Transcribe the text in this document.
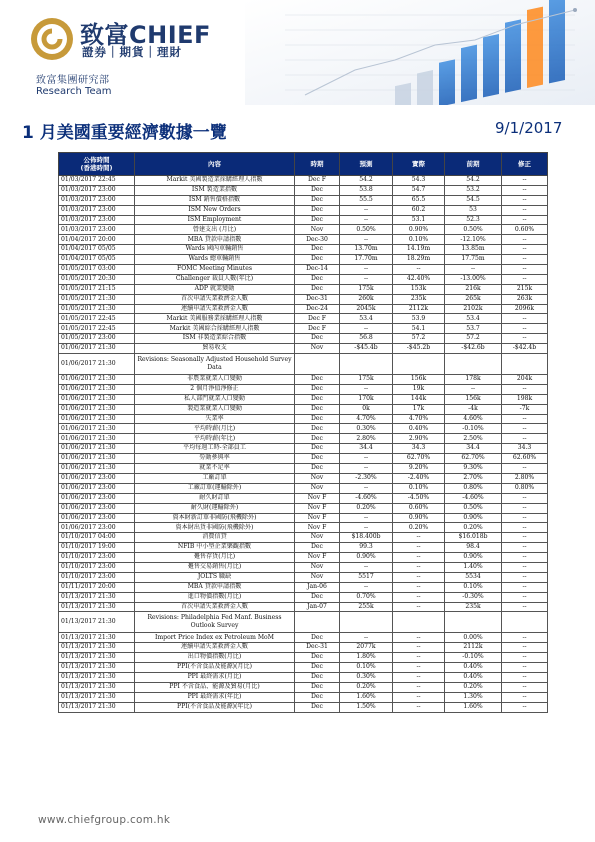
致富CHIEF
證券｜期貨｜理財
致富集團研究部
Research Team
1 月美國重要經濟數據一覽	9/1/2017
公佈時間
(香港時間)	內容	時期	預測	實際	前期	修正
01/03/2017 22:45	Markit 美國製造業採購經理人指數	Dec F	54.2	54.3	54.2	--
01/03/2017 23:00	ISM 製造業指數	Dec	53.8	54.7	53.2	--
01/03/2017 23:00	ISM 銷售價格指數	Dec	55.5	65.5	54.5	--
01/03/2017 23:00	ISM New Orders	Dec	--	60.2	53	--
01/03/2017 23:00	ISM Employment	Dec	--	53.1	52.3	--
01/03/2017 23:00	營建支出 (月比)	Nov	0.50%	0.90%	0.50%	0.60%
01/04/2017 20:00	MBA 貸款申請指數	Dec-30	--	0.10%	-12.10%	--
01/04/2017 05/05	Wards 國內車輛銷售	Dec	13.70m	14.19m	13.85m	--
01/04/2017 05/05	Wards 總車輛銷售	Dec	17.70m	18.29m	17.75m	--
01/05/2017 03:00	FOMC Meeting Minutes	Dec-14	--	--	--	--
01/05/2017 20:30	Challenger 裁員人數(年比)	Dec	--	42.40%	-13.00%	--
01/05/2017 21:15	ADP 就業變動	Dec	175k	153k	216k	215k
01/05/2017 21:30	首次申請失業救濟金人數	Dec-31	260k	235k	265k	263k
01/05/2017 21:30	連續申請失業救濟金人數	Dec-24	2045k	2112k	2102k	2096k
01/05/2017 22:45	Markit 美國服務業採購經理人指數	Dec F	53.4	53.9	53.4	--
01/05/2017 22:45	Markit 美國綜合採購經理人指數	Dec F	--	54.1	53.7	--
01/05/2017 23:00	ISM 非製造業綜合指數	Dec	56.8	57.2	57.2	--
01/06/2017 21:30	貿易收支	Nov	-$45.4b	-$45.2b	-$42.6b	-$42.4b
01/06/2017 21:30	Revisions: Seasonally Adjusted Household Survey Data					
01/06/2017 21:30	非農業就業人口變動	Dec	175k	156k	178k	204k
01/06/2017 21:30	2 個月淨值淨修正	Dec	--	19k	--	--
01/06/2017 21:30	私人部門就業人口變動	Dec	170k	144k	156k	198k
01/06/2017 21:30	製造業就業人口變動	Dec	0k	17k	-4k	-7k
01/06/2017 21:30	失業率	Dec	4.70%	4.70%	4.60%	--
01/06/2017 21:30	平均時薪(月比)	Dec	0.30%	0.40%	-0.10%	--
01/06/2017 21:30	平均時薪(年比)	Dec	2.80%	2.90%	2.50%	--
01/06/2017 21:30	平均每週工時-全部員工	Dec	34.4	34.3	34.4	34.3
01/06/2017 21:30	勞動參與率	Dec	--	62.70%	62.70%	62.60%
01/06/2017 21:30	就業不足率	Dec	--	9.20%	9.30%	--
01/06/2017 23:00	工廠訂單	Nov	-2.30%	-2.40%	2.70%	2.80%
01/06/2017 23:00	工廠訂單(運輸除外)	Nov	--	0.10%	0.80%	0.80%
01/06/2017 23:00	耐久財訂單	Nov F	-4.60%	-4.50%	-4.60%	--
01/06/2017 23:00	耐久財(運輸除外)	Nov F	0.20%	0.60%	0.50%	--
01/06/2017 23:00	資本財新訂單非國防(飛機除外)	Nov F	--	0.90%	0.90%	--
01/06/2017 23:00	資本財出貨非國防(飛機除外)	Nov F	--	0.20%	0.20%	--
01/10/2017 04:00	消費信貸	Nov	$18.400b	--	$16.018b	--
01/10/2017 19:00	NFIB 中小型企業樂觀指數	Dec	99.3	--	98.4	--
01/10/2017 23:00	躉售存貨(月比)	Nov F	0.90%	--	0.90%	--
01/10/2017 23:00	躉售交易銷售(月比)	Nov	--	--	1.40%	--
01/10/2017 23:00	JOLTS 職缺	Nov	5517	--	5534	--
01/11/2017 20:00	MBA 貸款申請指數	Jan-06	--	--	0.10%	--
01/13/2017 21:30	進口物價指數(月比)	Dec	0.70%	--	-0.30%	--
01/13/2017 21:30	首次申請失業救濟金人數	Jan-07	255k	--	235k	--
01/13/2017 21:30	Revisions: Philadelphia Fed Manf. Business Outlook Survey					
01/13/2017 21:30	Import Price Index ex Petroleum MoM	Dec	--	--	0.00%	--
01/13/2017 21:30	連續申請失業救濟金人數	Dec-31	2077k	--	2112k	--
01/13/2017 21:30	出口物價指數(月比)	Dec	1.80%	--	-0.10%	--
01/13/2017 21:30	PPI(不含食品及能源)(月比)	Dec	0.10%	--	0.40%	--
01/13/2017 21:30	PPI 最終需求(月比)	Dec	0.30%	--	0.40%	--
01/13/2017 21:30	PPI 不含食品、能源及貿易(月比)	Dec	0.20%	--	0.20%	--
01/13/2017 21:30	PPI 最終需求(年比)	Dec	1.60%	--	1.30%	--
01/13/2017 21:30	PPI(不含食品及能源)(年比)	Dec	1.50%	--	1.60%	--
www.chiefgroup.com.hk
